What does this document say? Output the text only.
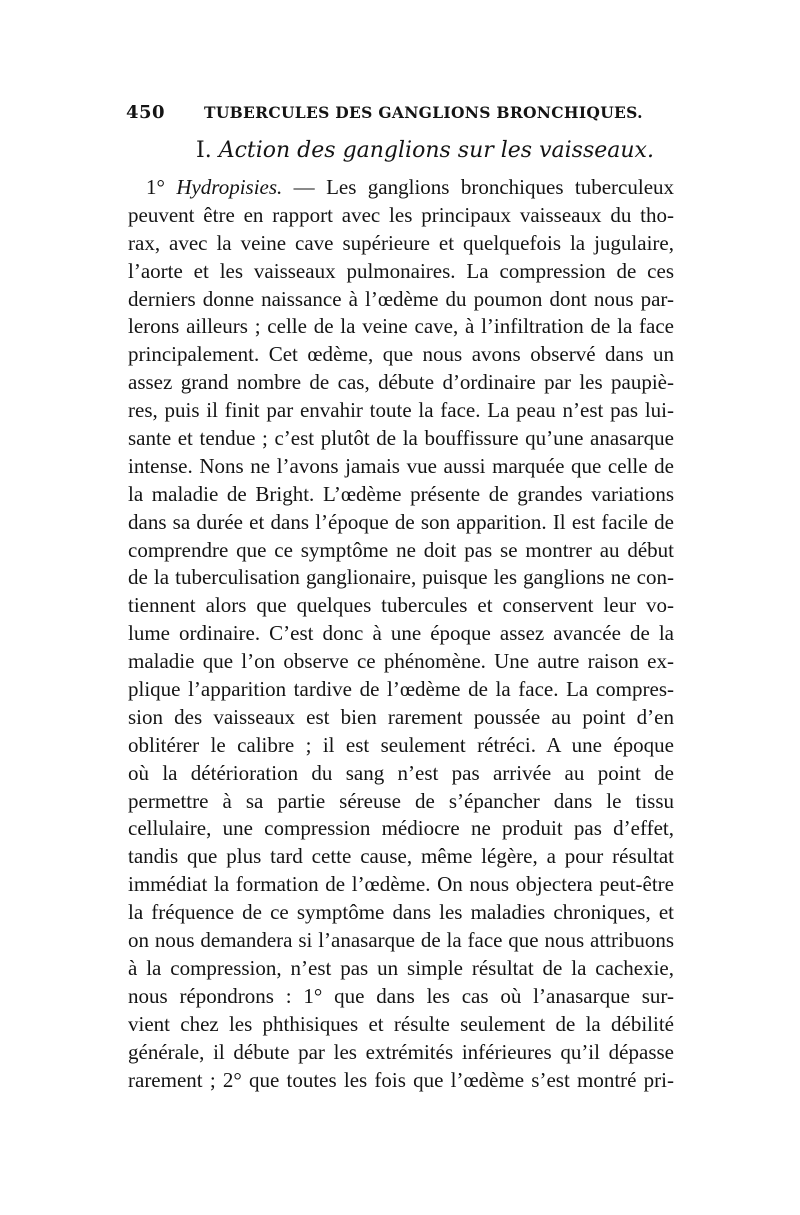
450	TUBERCULES DES GANGLIONS BRONCHIQUES.
I. Action des ganglions sur les vaisseaux.
1° Hydropisies. — Les ganglions bronchiques tuberculeux
peuvent être en rapport avec les principaux vaisseaux du tho-
rax, avec la veine cave supérieure et quelquefois la jugulaire,
l’aorte et les vaisseaux pulmonaires. La compression de ces
derniers donne naissance à l’œdème du poumon dont nous par-
lerons ailleurs ; celle de la veine cave, à l’infiltration de la face
principalement. Cet œdème, que nous avons observé dans un
assez grand nombre de cas, débute d’ordinaire par les paupiè-
res, puis il finit par envahir toute la face. La peau n’est pas lui-
sante et tendue ; c’est plutôt de la bouffissure qu’une anasarque
intense. Nons ne l’avons jamais vue aussi marquée que celle de
la maladie de Bright. L’œdème présente de grandes variations
dans sa durée et dans l’époque de son apparition. Il est facile de
comprendre que ce symptôme ne doit pas se montrer au début
de la tuberculisation ganglionaire, puisque les ganglions ne con-
tiennent alors que quelques tubercules et conservent leur vo-
lume ordinaire. C’est donc à une époque assez avancée de la
maladie que l’on observe ce phénomène. Une autre raison ex-
plique l’apparition tardive de l’œdème de la face. La compres-
sion des vaisseaux est bien rarement poussée au point d’en
oblitérer le calibre ; il est seulement rétréci. A une époque
où la détérioration du sang n’est pas arrivée au point de
permettre à sa partie séreuse de s’épancher dans le tissu
cellulaire, une compression médiocre ne produit pas d’effet,
tandis que plus tard cette cause, même légère, a pour résultat
immédiat la formation de l’œdème. On nous objectera peut-être
la fréquence de ce symptôme dans les maladies chroniques, et
on nous demandera si l’anasarque de la face que nous attribuons
à la compression, n’est pas un simple résultat de la cachexie,
nous répondrons : 1° que dans les cas où l’anasarque sur-
vient chez les phthisiques et résulte seulement de la débilité
générale, il débute par les extrémités inférieures qu’il dépasse
rarement ; 2° que toutes les fois que l’œdème s’est montré pri-
